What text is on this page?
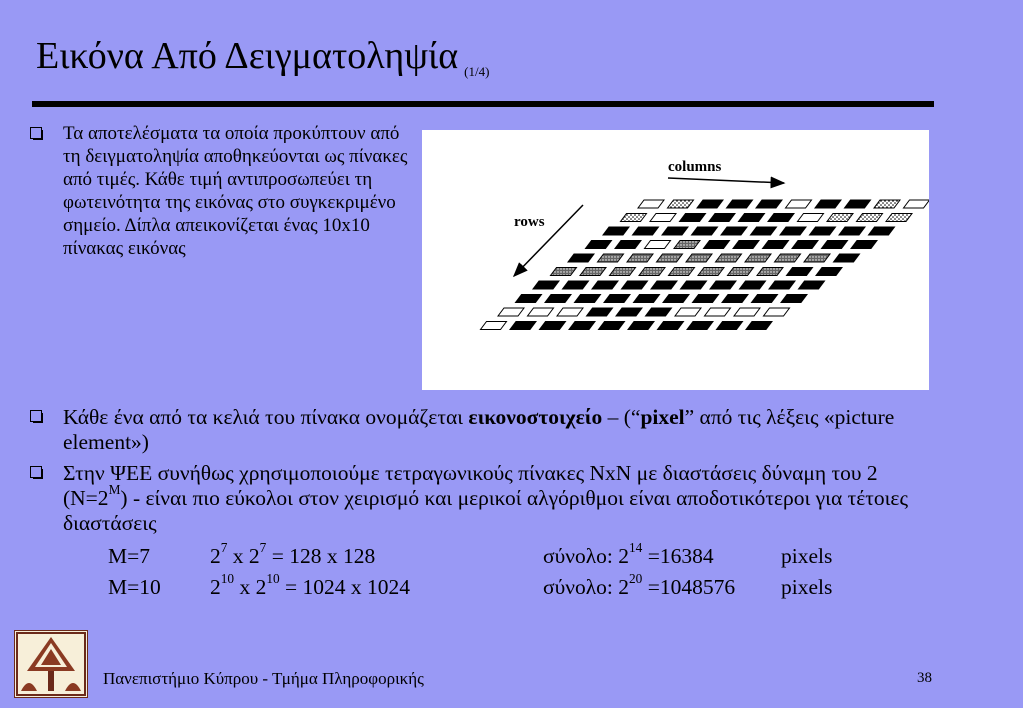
Εικόνα Από Δειγματοληψία $^{(1/4)}$
Τα αποτελέσματα τα οποία προκύπτουν από τη δειγματοληψία αποθηκεύονται ως πίνακες από τιμές. Κάθε τιμή αντιπροσωπεύει τη φωτεινότητα της εικόνας στο συγκεκριμένο σημείο. Δίπλα απεικονίζεται ένας 10x10 πίνακας εικόνας
columns
rows
Κάθε ένα από τα κελιά του πίνακα ονομάζεται εικονοστοιχείο – (“pixel” από τις λέξεις «picture element»)
Στην ΨΕΕ συνήθως χρησιμοποιούμε τετραγωνικούς πίνακες ΝxΝ με διαστάσεις δύναμη του 2 $(N=2^M) - \varepsilon ί\nu\alpha\iota$ πιο εύκολοι στον χειρισμό και μερικοί αλγόριθμοι είναι αποδοτικότεροι για τέτοιες διαστάσεις
Μ=7	$2^7$ x $2^7 = 128$ x 128	σύνολο: $2^{14} =16384$	pixels
Μ=10 $2^{10}$ x $2^{10} = 1024$ x 1024	σύνολο: $2^{20} =1048576$ pixels
Πανεπιστήμιο Κύπρου - Τμήμα Πληροφορικής	38
